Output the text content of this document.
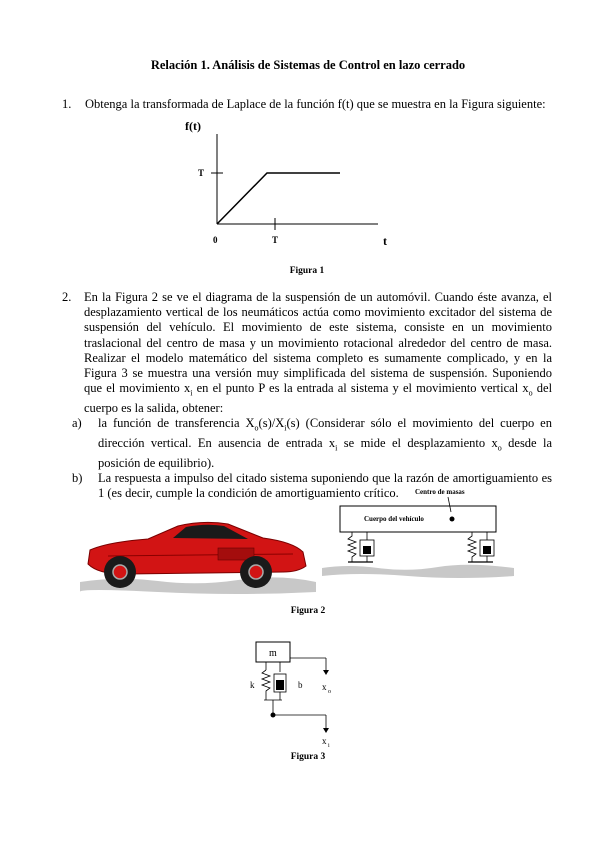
Relación 1. Análisis de Sistemas de Control en lazo cerrado
1. Obtenga la transformada de Laplace de la función f(t) que se muestra en la Figura siguiente:
f(t)
T
0	T	t
Figura 1
2. En la Figura 2 se ve el diagrama de la suspensión de un automóvil. Cuando éste avanza, el desplazamiento vertical de los neumáticos actúa como movimiento excitador del sistema de suspensión del vehículo. El movimiento de este sistema, consiste en un movimiento traslacional del centro de masa y un movimiento rotacional alrededor del centro de masa. Realizar el modelo matemático del sistema completo es sumamente complicado, y en la Figura 3 se muestra una versión muy simplificada del sistema de suspensión. Suponiendo que el movimiento $x_i$ en el punto P es la entrada al sistema y el movimiento vertical $x_o$ del cuerpo es la salida, obtener:
a) la función de transferencia $X_o(s)/X_i(s)$ (Considerar sólo el movimiento del cuerpo en dirección vertical. En ausencia de entrada $x_i$ se mide el desplazamiento $x_o$ desde la posición de equilibrio).
b) La respuesta a impulso del citado sistema suponiendo que la razón de amortiguamiento es 1 (es decir, cumple la condición de amortiguamiento crítico.	Centro de masas
Cuerpo del vehículo
Figura 2
m
k	b x o
x i
Figura 3
